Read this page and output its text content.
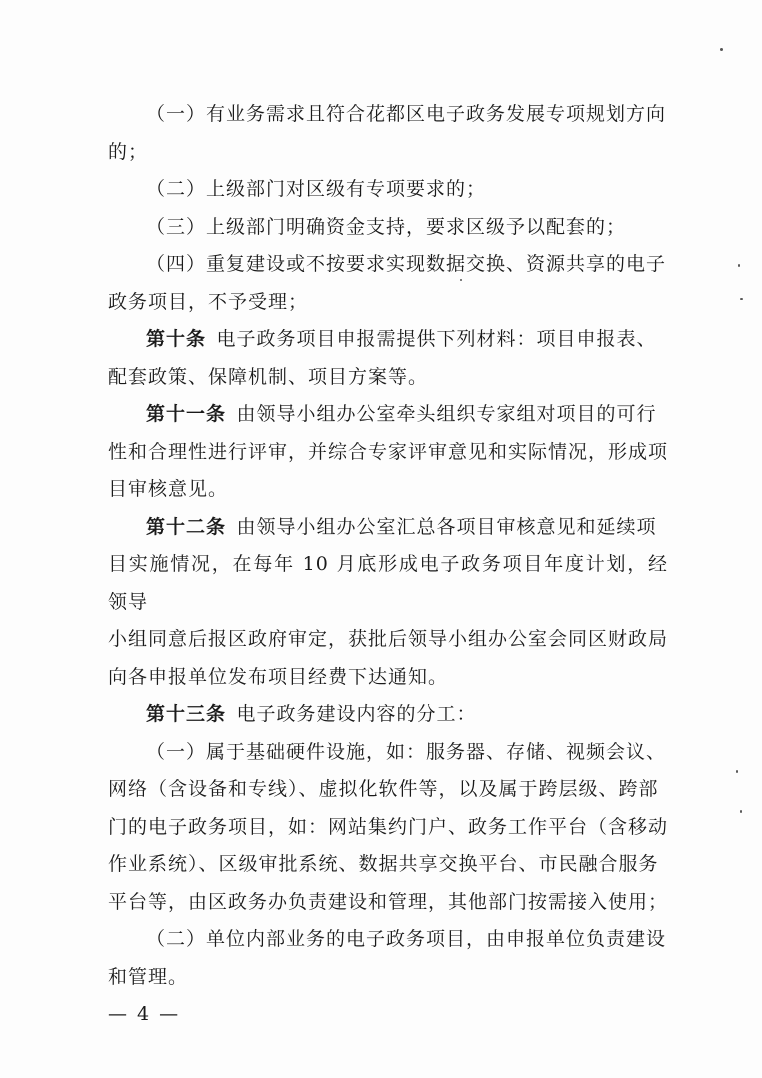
（一）有业务需求且符合花都区电子政务发展专项规划方向
的；
（二）上级部门对区级有专项要求的；
（三）上级部门明确资金支持，要求区级予以配套的；
（四）重复建设或不按要求实现数据交换、资源共享的电子
政务项目，不予受理；
第十条  电子政务项目申报需提供下列材料：项目申报表、
配套政策、保障机制、项目方案等。
第十一条  由领导小组办公室牵头组织专家组对项目的可行
性和合理性进行评审，并综合专家评审意见和实际情况，形成项
目审核意见。
第十二条  由领导小组办公室汇总各项目审核意见和延续项
目实施情况，在每年 10 月底形成电子政务项目年度计划，经领导
小组同意后报区政府审定，获批后领导小组办公室会同区财政局
向各申报单位发布项目经费下达通知。
第十三条  电子政务建设内容的分工：
（一）属于基础硬件设施，如：服务器、存储、视频会议、
网络（含设备和专线）、虚拟化软件等，以及属于跨层级、跨部
门的电子政务项目，如：网站集约门户、政务工作平台（含移动
作业系统）、区级审批系统、数据共享交换平台、市民融合服务
平台等，由区政务办负责建设和管理，其他部门按需接入使用；
（二）单位内部业务的电子政务项目，由申报单位负责建设
和管理。
— 4 —
